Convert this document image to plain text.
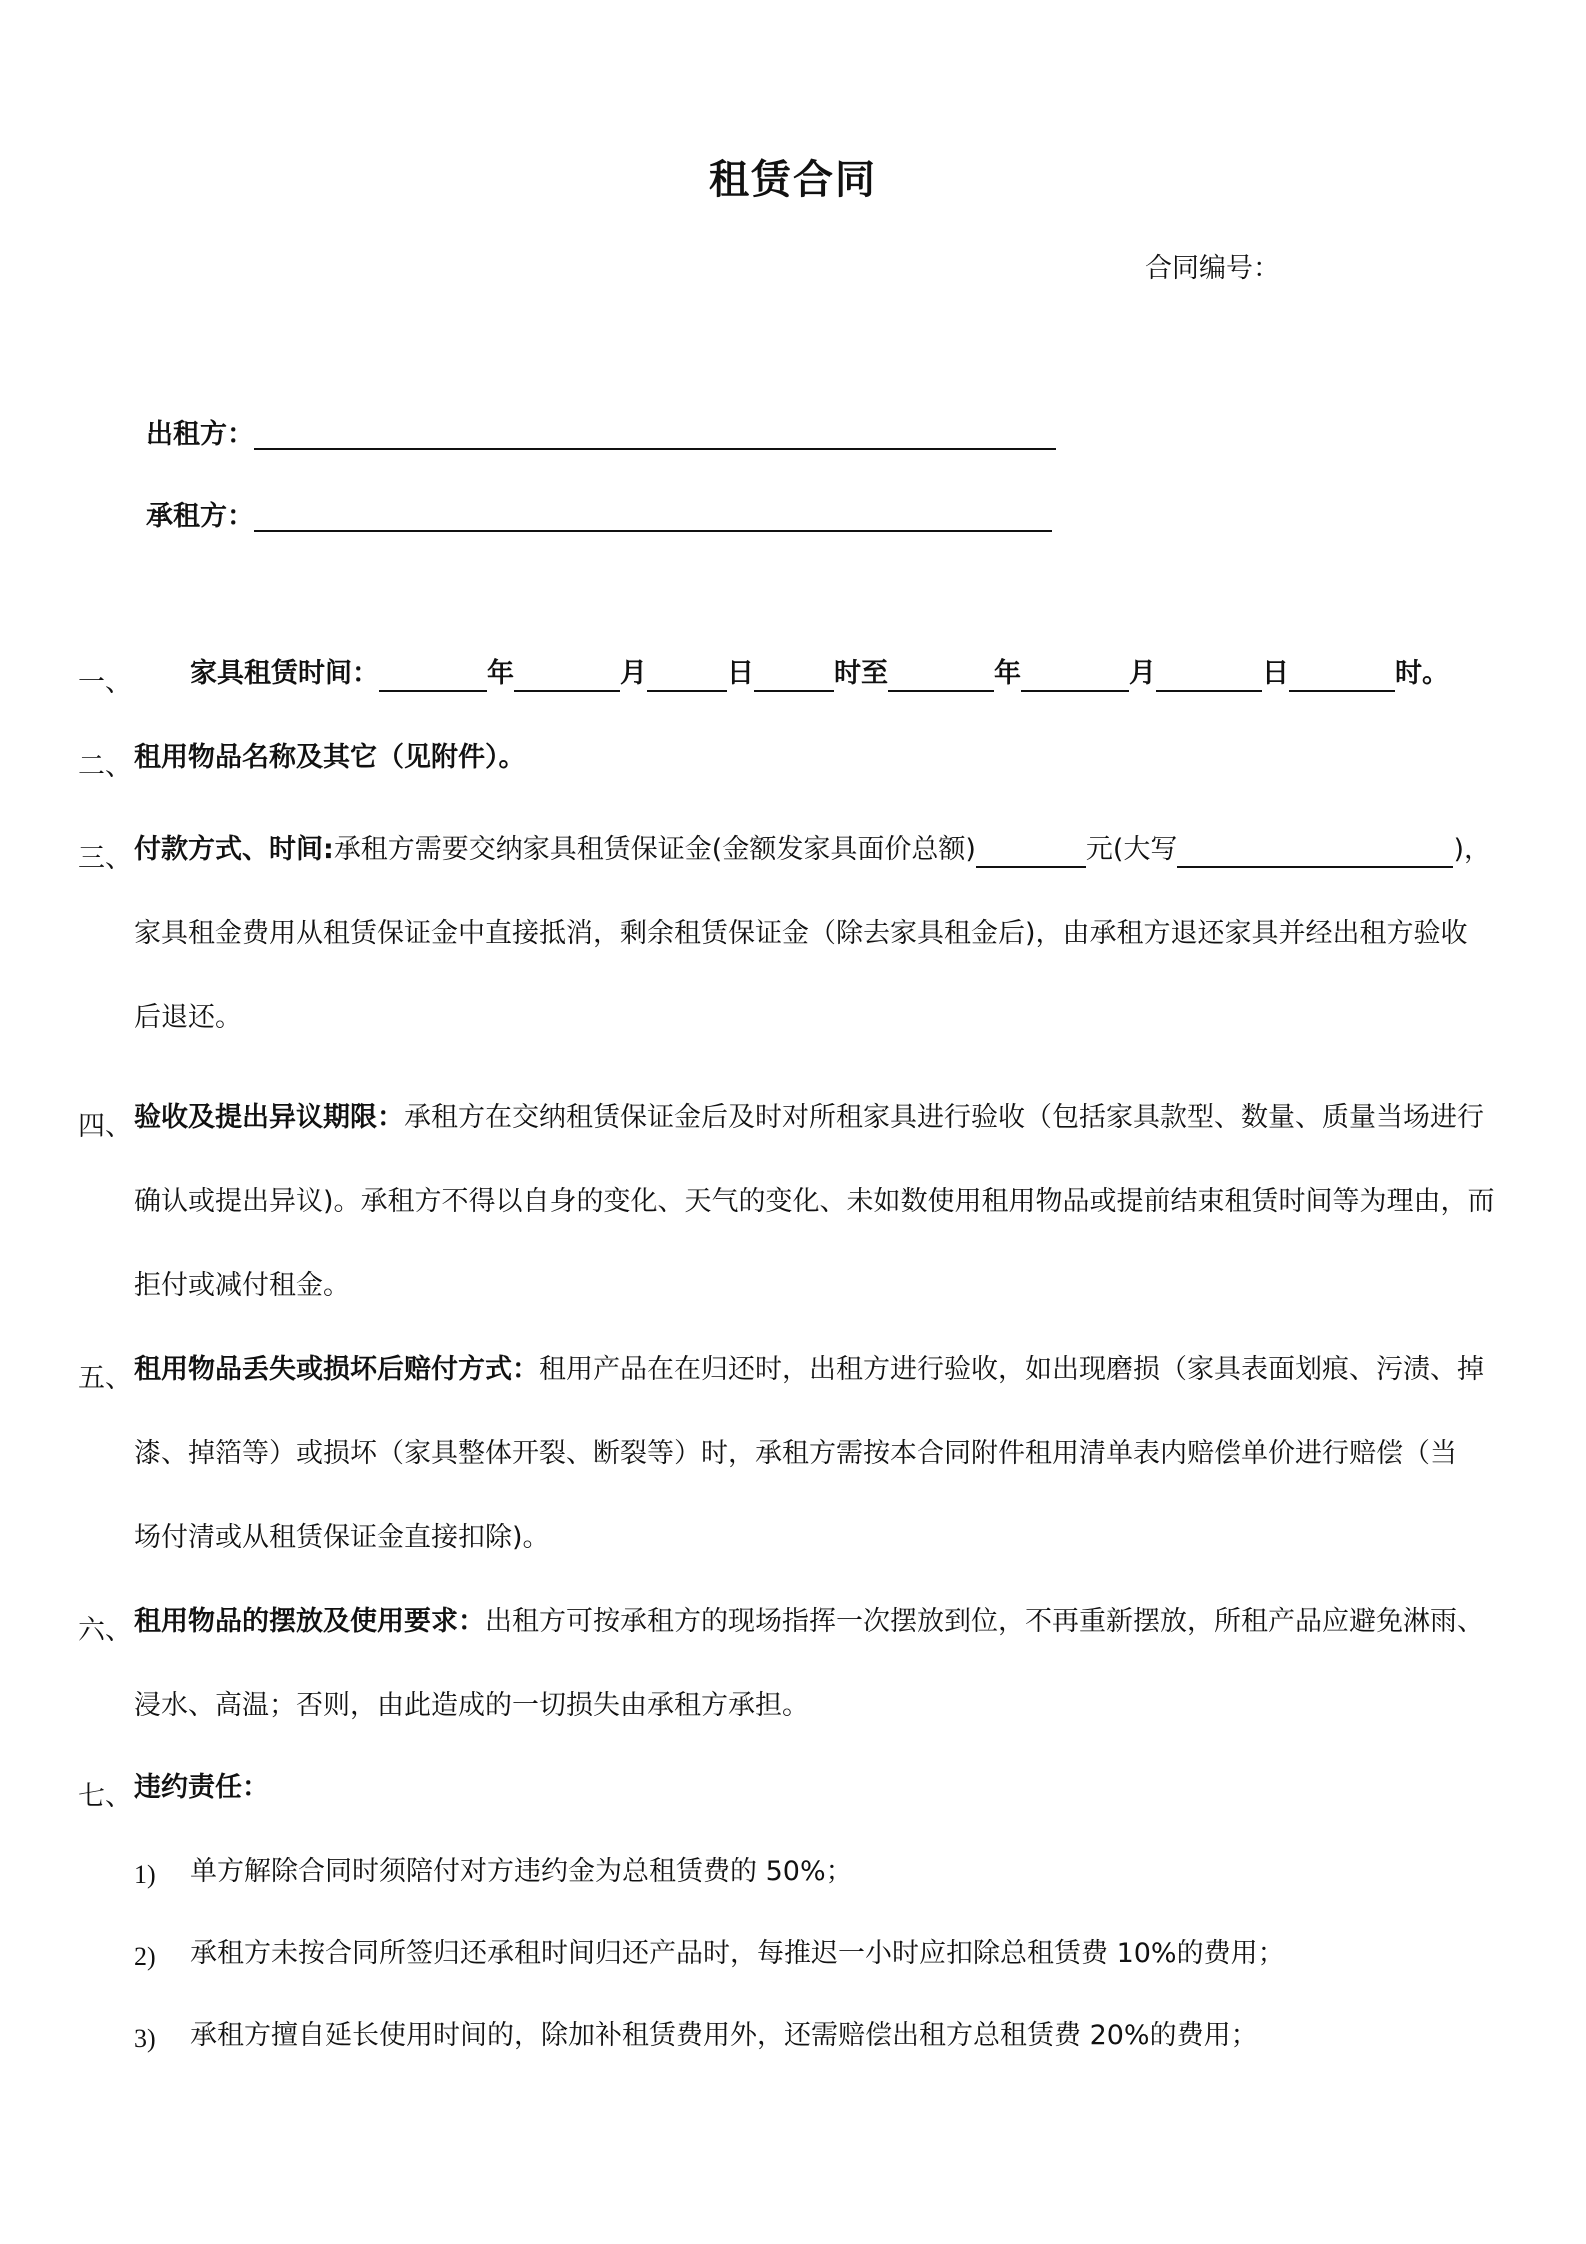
租赁合同
合同编号：
出租方：
承租方：
一、 家具租赁时间：	年	月	日	时至	年	月	日	时。
二、 租用物品名称及其它（见附件）。
三、 付款方式、时间:承租方需要交纳家具租赁保证金(金额发家具面价总额)	元(大写	)，
家具租金费用从租赁保证金中直接抵消，剩余租赁保证金（除去家具租金后)，由承租方退还家具并经出租方验收
后退还。
四、 验收及提出异议期限：承租方在交纳租赁保证金后及时对所租家具进行验收（包括家具款型、数量、质量当场进行
确认或提出异议)。承租方不得以自身的变化、天气的变化、未如数使用租用物品或提前结束租赁时间等为理由，而
拒付或减付租金。
五、 租用物品丢失或损坏后赔付方式：租用产品在在归还时，出租方进行验收，如出现磨损（家具表面划痕、污渍、掉
漆、掉箔等）或损坏（家具整体开裂、断裂等）时，承租方需按本合同附件租用清单表内赔偿单价进行赔偿（当
场付清或从租赁保证金直接扣除)。
六、 租用物品的摆放及使用要求：出租方可按承租方的现场指挥一次摆放到位，不再重新摆放，所租产品应避免淋雨、
浸水、高温；否则，由此造成的一切损失由承租方承担。
七、 违约责任：
1) 单方解除合同时须陪付对方违约金为总租赁费的 50%；
2) 承租方未按合同所签归还承租时间归还产品时，每推迟一小时应扣除总租赁费 10%的费用；
3) 承租方擅自延长使用时间的，除加补租赁费用外，还需赔偿出租方总租赁费 20%的费用；
